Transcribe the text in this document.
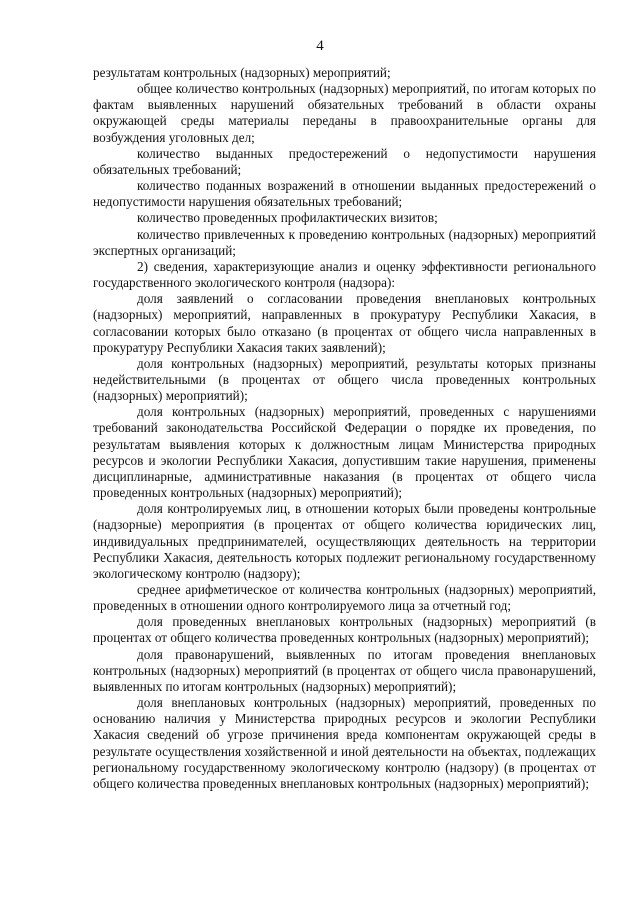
4

результатам контрольных (надзорных) мероприятий;

общее количество контрольных (надзорных) мероприятий, по итогам которых по фактам выявленных нарушений обязательных требований в области охраны окружающей среды материалы переданы в правоохранительные органы для возбуждения уголовных дел;

количество выданных предостережений о недопустимости нарушения обязательных требований;

количество поданных возражений в отношении выданных предостережений о недопустимости нарушения обязательных требований;

количество проведенных профилактических визитов;

количество привлеченных к проведению контрольных (надзорных) мероприятий экспертных организаций;

2) сведения, характеризующие анализ и оценку эффективности регионального государственного экологического контроля (надзора):

доля заявлений о согласовании проведения внеплановых контрольных (надзорных) мероприятий, направленных в прокуратуру Республики Хакасия, в согласовании которых было отказано (в процентах от общего числа направленных в прокуратуру Республики Хакасия таких заявлений);

доля контрольных (надзорных) мероприятий, результаты которых признаны недействительными (в процентах от общего числа проведенных контрольных (надзорных) мероприятий);

доля контрольных (надзорных) мероприятий, проведенных с нарушениями требований законодательства Российской Федерации о порядке их проведения, по результатам выявления которых к должностным лицам Министерства природных ресурсов и экологии Республики Хакасия, допустившим такие нарушения, применены дисциплинарные, административные наказания (в процентах от общего числа проведенных контрольных (надзорных) мероприятий);

доля контролируемых лиц, в отношении которых были проведены контрольные (надзорные) мероприятия (в процентах от общего количества юридических лиц, индивидуальных предпринимателей, осуществляющих деятельность на территории Республики Хакасия, деятельность которых подлежит региональному государственному экологическому контролю (надзору);

среднее арифметическое от количества контрольных (надзорных) мероприятий, проведенных в отношении одного контролируемого лица за отчетный год;

доля проведенных внеплановых контрольных (надзорных) мероприятий (в процентах от общего количества проведенных контрольных (надзорных) мероприятий);

доля правонарушений, выявленных по итогам проведения внеплановых контрольных (надзорных) мероприятий (в процентах от общего числа правонарушений, выявленных по итогам контрольных (надзорных) мероприятий);

доля внеплановых контрольных (надзорных) мероприятий, проведенных по основанию наличия у Министерства природных ресурсов и экологии Республики Хакасия сведений об угрозе причинения вреда компонентам окружающей среды в результате осуществления хозяйственной и иной деятельности на объектах, подлежащих региональному государственному экологическому контролю (надзору) (в процентах от общего количества проведенных внеплановых контрольных (надзорных) мероприятий);
